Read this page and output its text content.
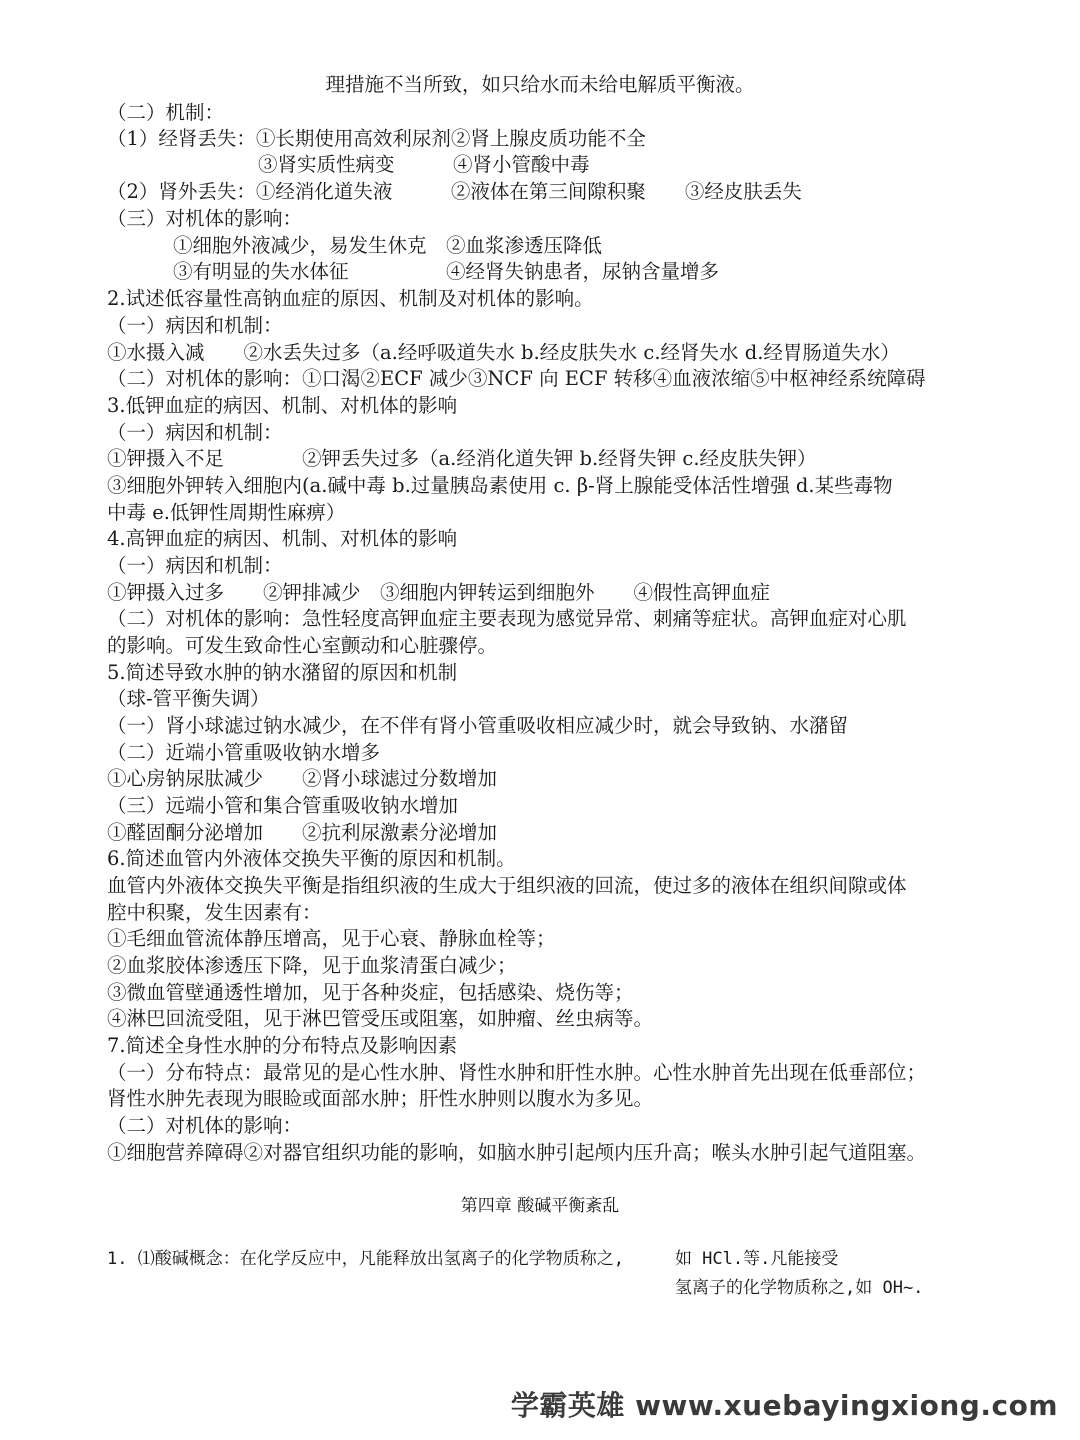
理措施不当所致，如只给水而未给电解质平衡液。
（二）机制：
（1）经肾丢失：①长期使用高效利尿剂②肾上腺皮质功能不全
③肾实质性病变　　　④肾小管酸中毒
（2）肾外丢失：①经消化道失液　　　②液体在第三间隙积聚　　③经皮肤丢失
（三）对机体的影响：
①细胞外液减少，易发生休克　②血浆渗透压降低
③有明显的失水体征　　　　　④经肾失钠患者，尿钠含量增多
2.试述低容量性高钠血症的原因、机制及对机体的影响。
（一）病因和机制：
①水摄入减　　②水丢失过多（a.经呼吸道失水 b.经皮肤失水 c.经肾失水 d.经胃肠道失水）
（二）对机体的影响：①口渴②ECF 减少③NCF 向 ECF 转移④血液浓缩⑤中枢神经系统障碍
3.低钾血症的病因、机制、对机体的影响
（一）病因和机制：
①钾摄入不足　　　　②钾丢失过多（a.经消化道失钾 b.经肾失钾 c.经皮肤失钾）
③细胞外钾转入细胞内(a.碱中毒 b.过量胰岛素使用 c. β-肾上腺能受体活性增强 d.某些毒物
中毒 e.低钾性周期性麻痹）
4.高钾血症的病因、机制、对机体的影响
（一）病因和机制：
①钾摄入过多　　②钾排减少　③细胞内钾转运到细胞外　　④假性高钾血症
（二）对机体的影响：急性轻度高钾血症主要表现为感觉异常、刺痛等症状。高钾血症对心肌
的影响。可发生致命性心室颤动和心脏骤停。
5.简述导致水肿的钠水潴留的原因和机制
（球-管平衡失调）
（一）肾小球滤过钠水减少，在不伴有肾小管重吸收相应减少时，就会导致钠、水潴留
（二）近端小管重吸收钠水增多
①心房钠尿肽减少　　②肾小球滤过分数增加
（三）远端小管和集合管重吸收钠水增加
①醛固酮分泌增加　　②抗利尿激素分泌增加
6.简述血管内外液体交换失平衡的原因和机制。
血管内外液体交换失平衡是指组织液的生成大于组织液的回流，使过多的液体在组织间隙或体
腔中积聚，发生因素有：
①毛细血管流体静压增高，见于心衰、静脉血栓等；
②血浆胶体渗透压下降，见于血浆清蛋白减少；
③微血管壁通透性增加，见于各种炎症，包括感染、烧伤等；
④淋巴回流受阻，见于淋巴管受压或阻塞，如肿瘤、丝虫病等。
7.简述全身性水肿的分布特点及影响因素
（一）分布特点：最常见的是心性水肿、肾性水肿和肝性水肿。心性水肿首先出现在低垂部位；
肾性水肿先表现为眼睑或面部水肿；肝性水肿则以腹水为多见。
（二）对机体的影响：
①细胞营养障碍②对器官组织功能的影响，如脑水肿引起颅内压升高；喉头水肿引起气道阻塞。
第四章 酸碱平衡紊乱
1. ⑴酸碱概念：在化学反应中，凡能释放出氢离子的化学物质称之,　　　如 HCl.等.凡能接受
氢离子的化学物质称之,如 OH~.
学霸英雄 www.xuebayingxiong.com
